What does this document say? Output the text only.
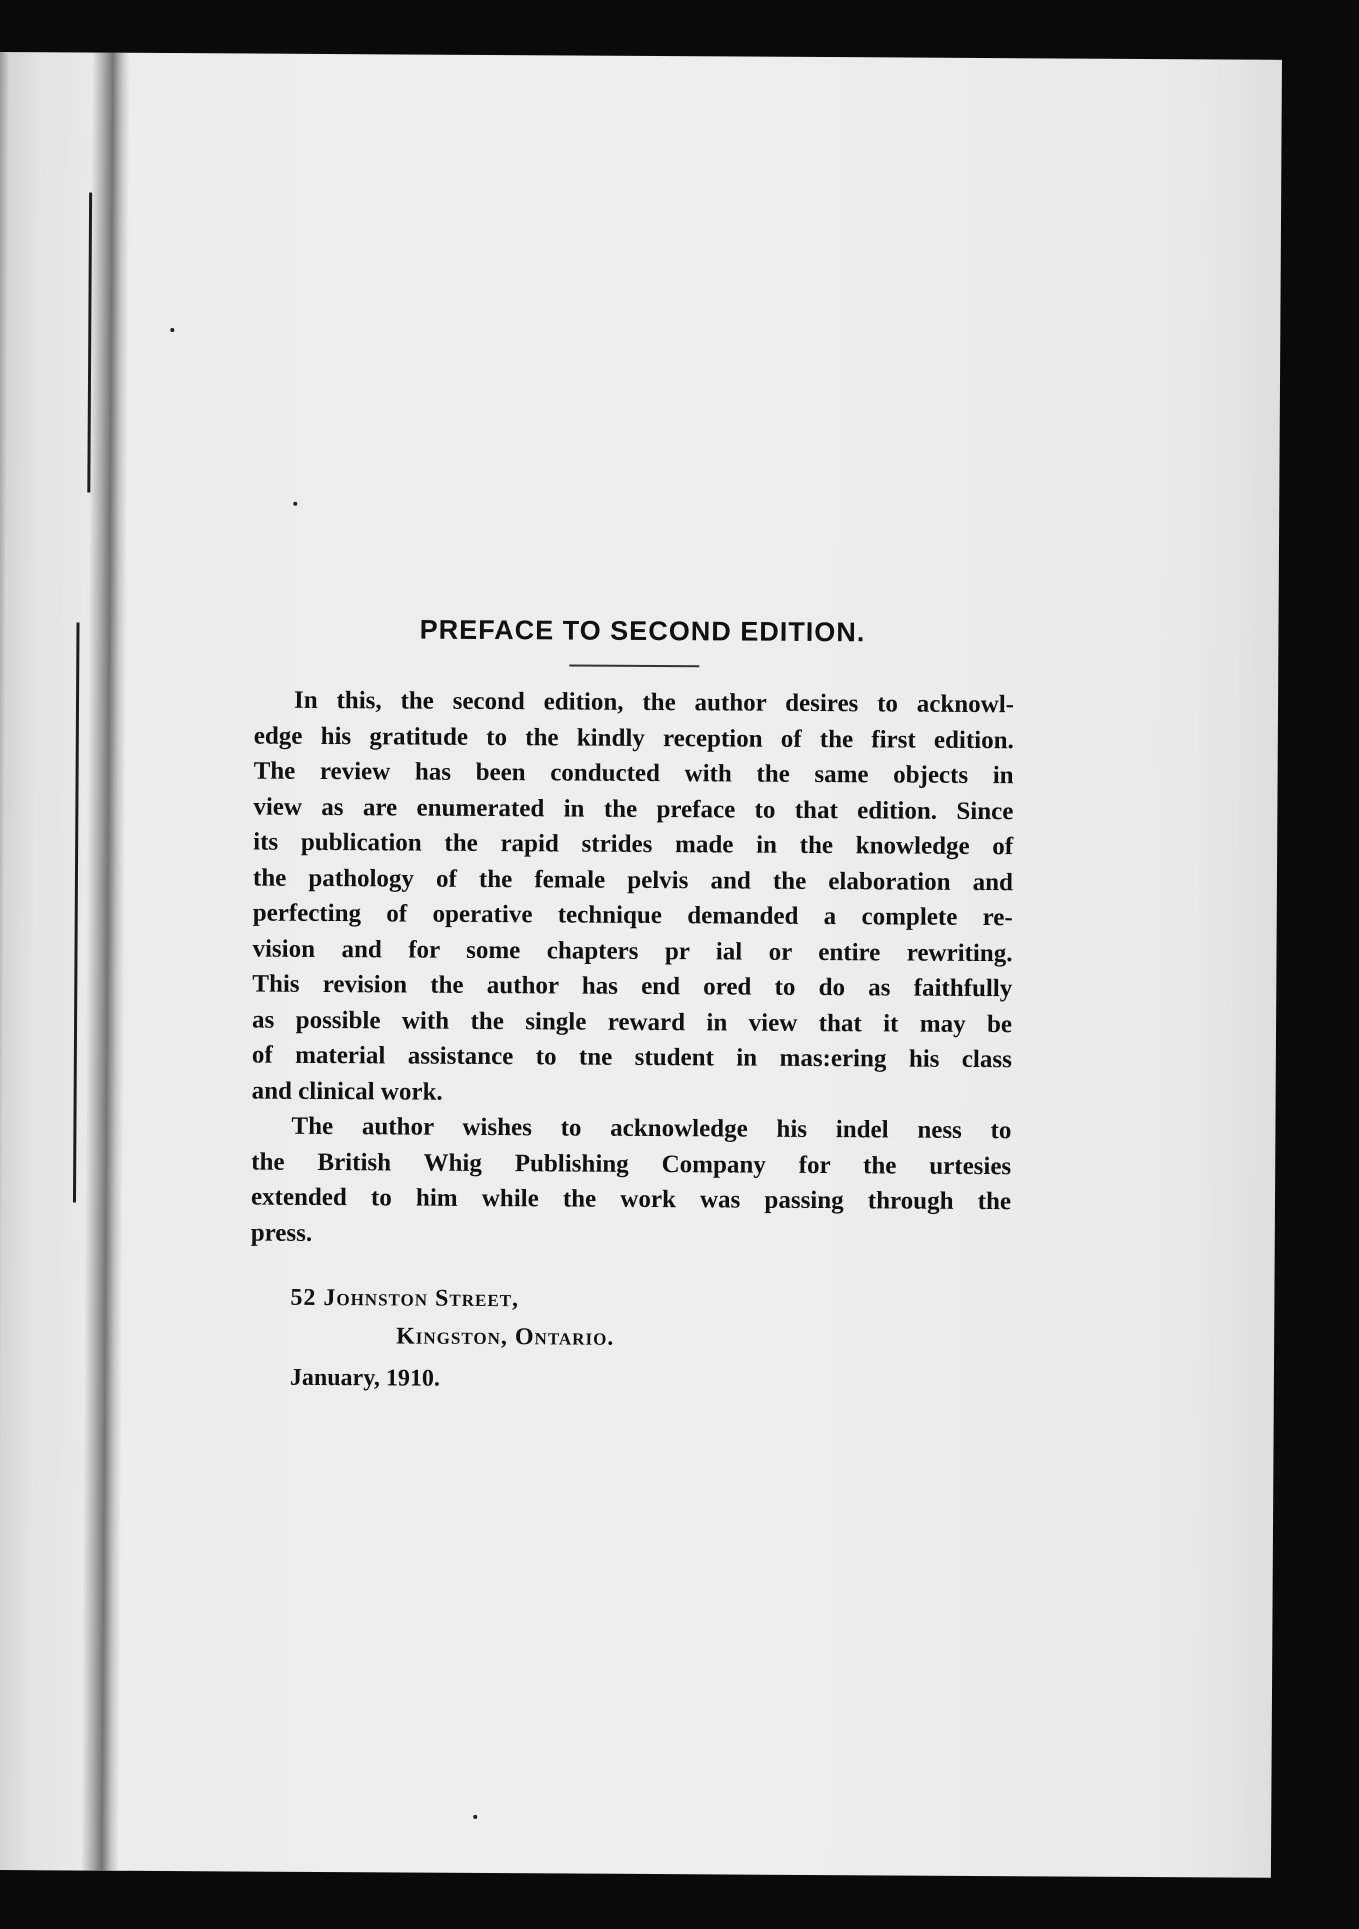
PREFACE TO SECOND EDITION.

In this, the second edition, the author desires to acknowl-
edge his gratitude to the kindly reception of the first edition.
The review has been conducted with the same objects in
view as are enumerated in the preface to that edition. Since
its publication the rapid strides made in the knowledge of
the pathology of the female pelvis and the elaboration and
perfecting of operative technique demanded a complete re-
vision and for some chapters pr ial or entire rewriting.
This revision the author has end ored to do as faithfully
as possible with the single reward in view that it may be
of material assistance to tne student in mas:ering his class
and clinical work.

The author wishes to acknowledge his indel ness to
the British Whig Publishing Company for the urtesies
extended to him while the work was passing through the
press.

52 Johnston Street,
Kingston, Ontario.
January, 1910.
